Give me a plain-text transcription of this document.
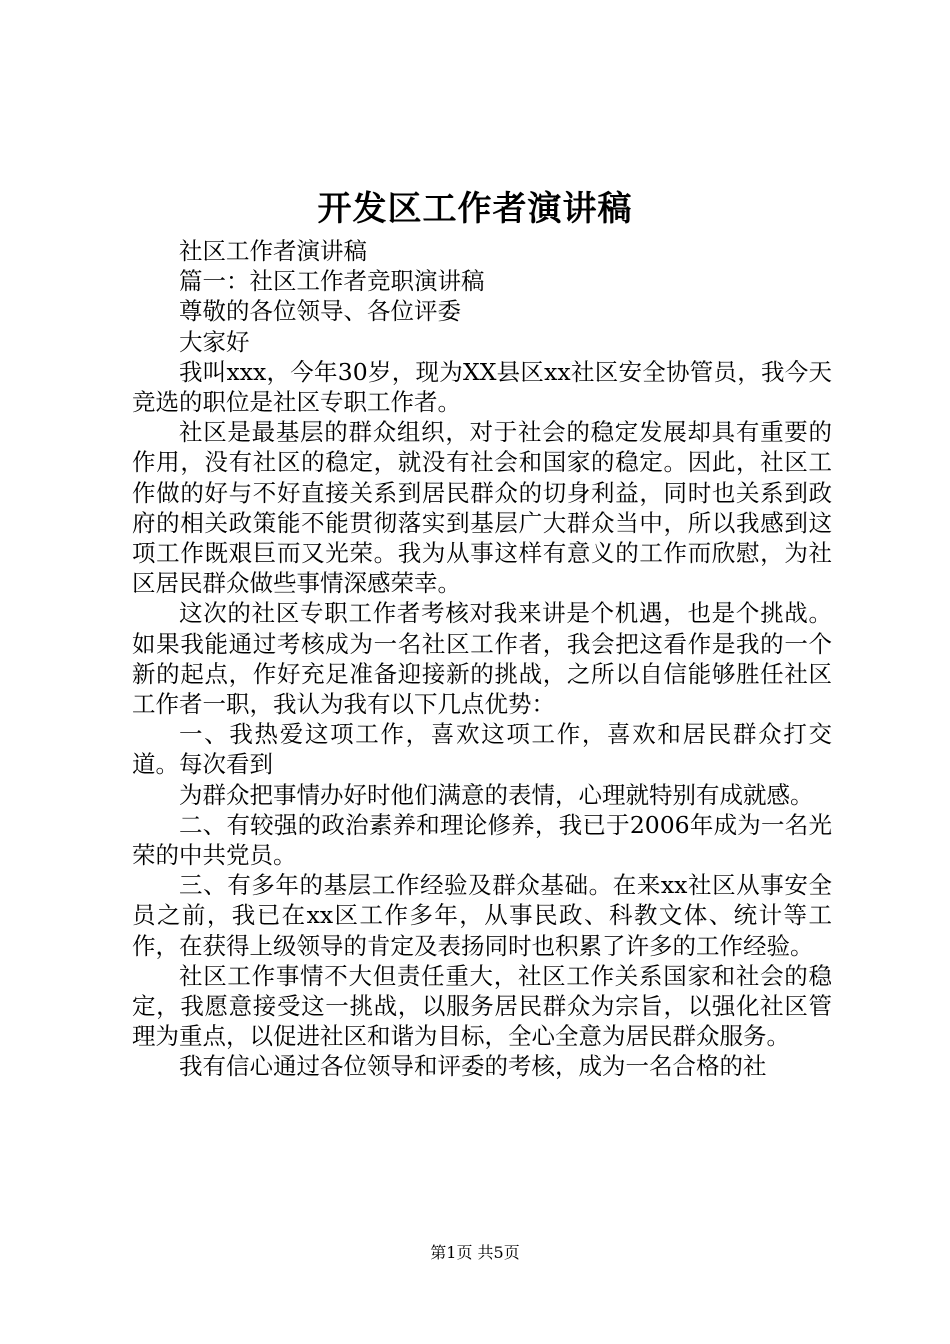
开发区工作者演讲稿

社区工作者演讲稿

篇一：社区工作者竞职演讲稿

尊敬的各位领导、各位评委

大家好

我叫xxx，今年30岁，现为XX县区xx社区安全协管员，我今天竞选的职位是社区专职工作者。

社区是最基层的群众组织，对于社会的稳定发展却具有重要的作用，没有社区的稳定，就没有社会和国家的稳定。因此，社区工作做的好与不好直接关系到居民群众的切身利益，同时也关系到政府的相关政策能不能贯彻落实到基层广大群众当中，所以我感到这项工作既艰巨而又光荣。我为从事这样有意义的工作而欣慰，为社区居民群众做些事情深感荣幸。

这次的社区专职工作者考核对我来讲是个机遇，也是个挑战。如果我能通过考核成为一名社区工作者，我会把这看作是我的一个新的起点，作好充足准备迎接新的挑战，之所以自信能够胜任社区工作者一职，我认为我有以下几点优势：

一、我热爱这项工作，喜欢这项工作，喜欢和居民群众打交道。每次看到

为群众把事情办好时他们满意的表情，心理就特别有成就感。

二、有较强的政治素养和理论修养，我已于2006年成为一名光荣的中共党员。

三、有多年的基层工作经验及群众基础。在来xx社区从事安全员之前，我已在xx区工作多年，从事民政、科教文体、统计等工作，在获得上级领导的肯定及表扬同时也积累了许多的工作经验。

社区工作事情不大但责任重大，社区工作关系国家和社会的稳定，我愿意接受这一挑战，以服务居民群众为宗旨，以强化社区管理为重点，以促进社区和谐为目标，全心全意为居民群众服务。

我有信心通过各位领导和评委的考核，成为一名合格的社

第1页 共5页
